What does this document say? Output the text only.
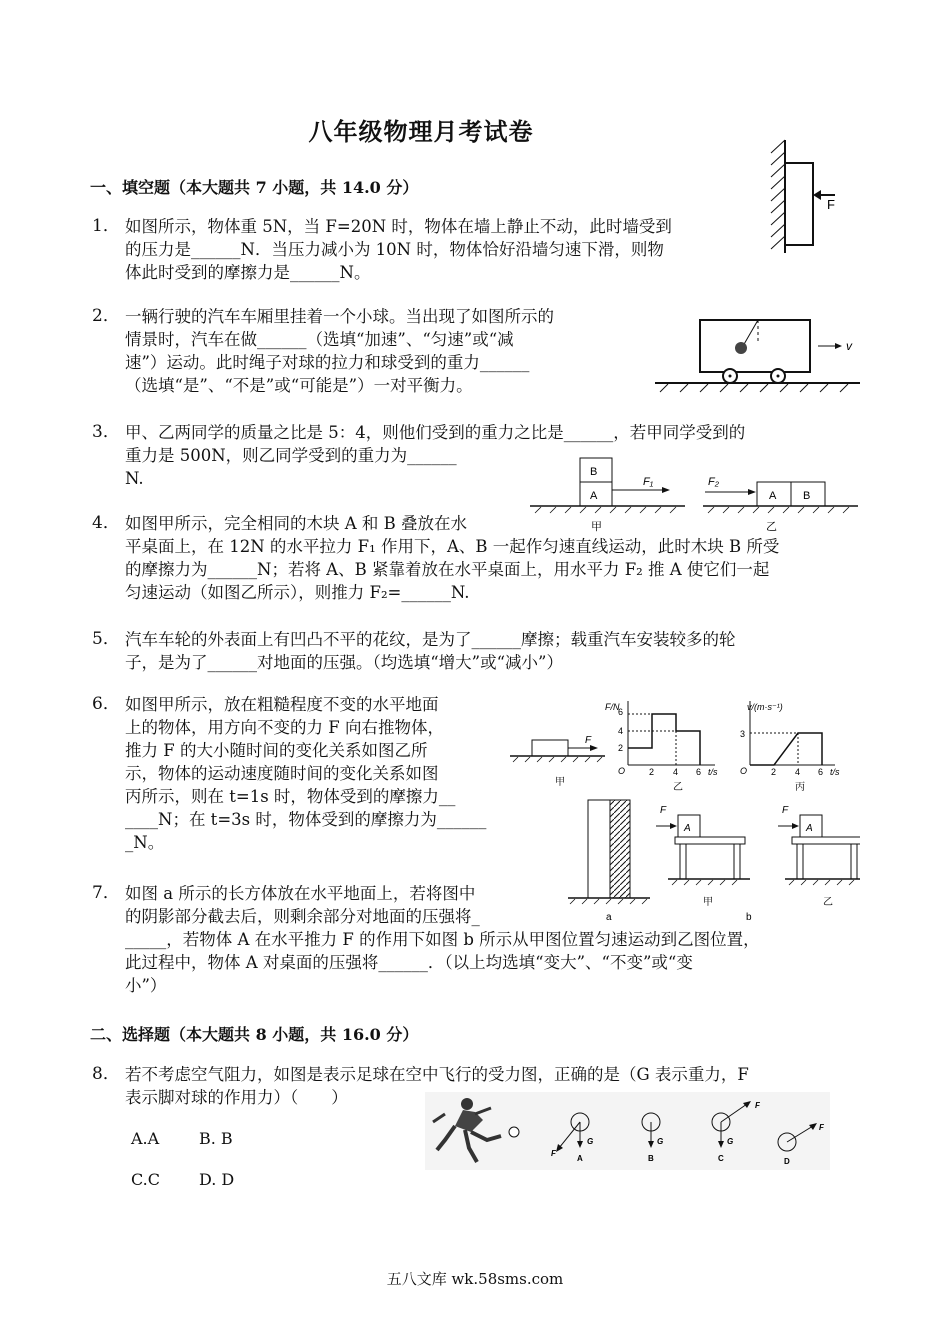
八年级物理月考试卷
一、填空题（本大题共 7 小题，共 14.0 分）
1． 如图所示，物体重 5N，当 F=20N 时，物体在墙上静止不动，此时墙受到
的压力是______N．当压力减小为 10N 时，物体恰好沿墙匀速下滑，则物
体此时受到的摩擦力是______N。
F
2． 一辆行驶的汽车车厢里挂着一个小球。当出现了如图所示的
情景时，汽车在做______（选填“加速”、“匀速”或“减
速”）运动。此时绳子对球的拉力和球受到的重力______
（选填“是”、“不是”或“可能是”）一对平衡力。
v
3． 甲、乙两同学的质量之比是 5：4，则他们受到的重力之比是______，若甲同学受到的
重力是 500N，则乙同学受到的重力为______
N.	B
A
F₁
甲
F₂
A B
乙
4． 如图甲所示，完全相同的木块 A 和 B 叠放在水
平桌面上，在 12N 的水平拉力 F₁ 作用下，A、B 一起作匀速直线运动，此时木块 B 所受
的摩擦力为______N；若将 A、B 紧靠着放在水平桌面上，用水平力 F₂ 推 A 使它们一起
匀速运动（如图乙所示），则推力 F₂=______N.
5． 汽车车轮的外表面上有凹凸不平的花纹，是为了______摩擦；载重汽车安装较多的轮
子，是为了______对地面的压强。（均选填“增大”或“减小”）
6． 如图甲所示，放在粗糙程度不变的水平地面
上的物体，用方向不变的力 F 向右推物体，
推力 F 的大小随时间的变化关系如图乙所
示，物体的运动速度随时间的变化关系如图
丙所示，则在 t=1s 时，物体受到的摩擦力__
____N；在 t=3s 时，物体受到的摩擦力为______
_N。
F
甲
F/N
6
4
2
O	2 4 6 t/s
乙
v/(m·s⁻¹)
3
O	2 4 6 t/s
丙
a
A
F
甲
A
F
乙
b
7． 如图 a 所示的长方体放在水平地面上，若将图中
的阴影部分截去后，则剩余部分对地面的压强将_
_____，若物体 A 在水平推力 F 的作用下如图 b 所示从甲图位置匀速运动到乙图位置，
此过程中，物体 A 对桌面的压强将______．（以上均选填“变大”、“不变”或“变
小”）
二、选择题（本大题共 8 小题，共 16.0 分）
8． 若不考虑空气阻力，如图是表示足球在空中飞行的受力图，正确的是（G 表示重力，F
表示脚对球的作用力）（　　）
G
F
A
G
B
G
F
C
F
D
A.A B. B
C.C D. D
五八文库 wk.58sms.com
